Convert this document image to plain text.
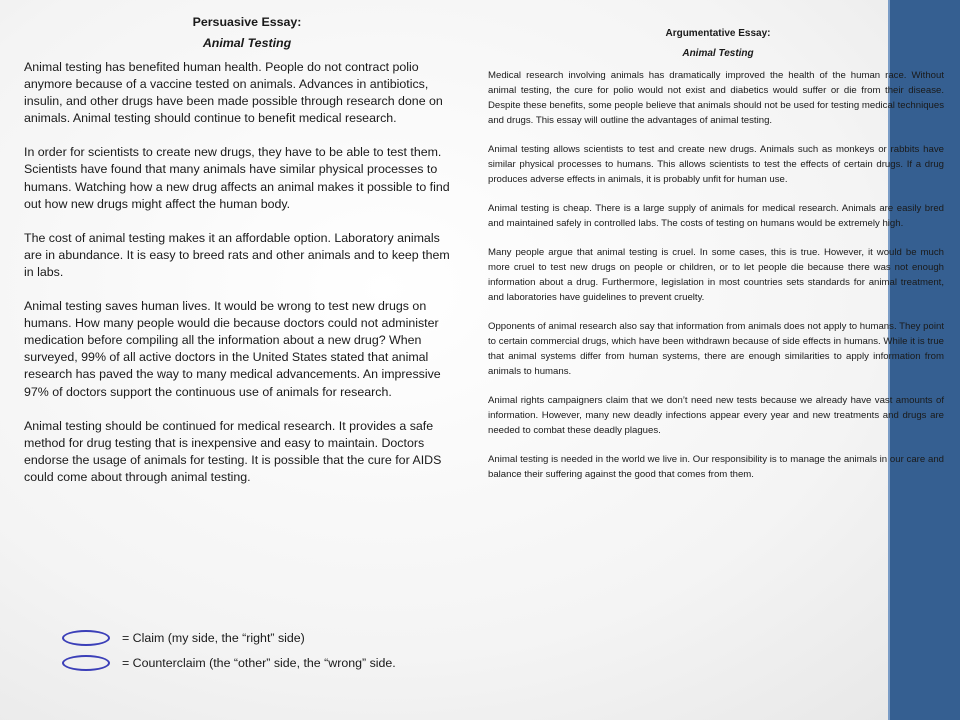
Persuasive Essay:
Animal Testing

Animal testing has benefited human health. People do not contract polio anymore because of a vaccine tested on animals. Advances in antibiotics, insulin, and other drugs have been made possible through research done on animals. Animal testing should continue to benefit medical research.

In order for scientists to create new drugs, they have to be able to test them. Scientists have found that many animals have similar physical processes to humans. Watching how a new drug affects an animal makes it possible to find out how new drugs might affect the human body.

The cost of animal testing makes it an affordable option. Laboratory animals are in abundance. It is easy to breed rats and other animals and to keep them in labs.

Animal testing saves human lives. It would be wrong to test new drugs on humans. How many people would die because doctors could not administer medication before compiling all the information about a new drug? When surveyed, 99% of all active doctors in the United States stated that animal research has paved the way to many medical advancements. An impressive 97% of doctors support the continuous use of animals for research.

Animal testing should be continued for medical research. It provides a safe method for drug testing that is inexpensive and easy to maintain. Doctors endorse the usage of animals for testing. It is possible that the cure for AIDS could come about through animal testing.

Argumentative Essay:
Animal Testing

Medical research involving animals has dramatically improved the health of the human race. Without animal testing, the cure for polio would not exist and diabetics would suffer or die from their disease. Despite these benefits, some people believe that animals should not be used for testing medical techniques and drugs. This essay will outline the advantages of animal testing.

Animal testing allows scientists to test and create new drugs. Animals such as monkeys or rabbits have similar physical processes to humans. This allows scientists to test the effects of certain drugs. If a drug produces adverse effects in animals, it is probably unfit for human use.

Animal testing is cheap. There is a large supply of animals for medical research. Animals are easily bred and maintained safely in controlled labs. The costs of testing on humans would be extremely high.

Many people argue that animal testing is cruel. In some cases, this is true. However, it would be much more cruel to test new drugs on people or children, or to let people die because there was not enough information about a drug. Furthermore, legislation in most countries sets standards for animal treatment, and laboratories have guidelines to prevent cruelty.

Opponents of animal research also say that information from animals does not apply to humans. They point to certain commercial drugs, which have been withdrawn because of side effects in humans. While it is true that animal systems differ from human systems, there are enough similarities to apply information from animals to humans.

Animal rights campaigners claim that we don’t need new tests because we already have vast amounts of information. However, many new deadly infections appear every year and new treatments and drugs are needed to combat these deadly plagues.

Animal testing is needed in the world we live in. Our responsibility is to manage the animals in our care and balance their suffering against the good that comes from them.

= Claim (my side, the “right” side)
= Counterclaim (the “other” side, the “wrong” side.
